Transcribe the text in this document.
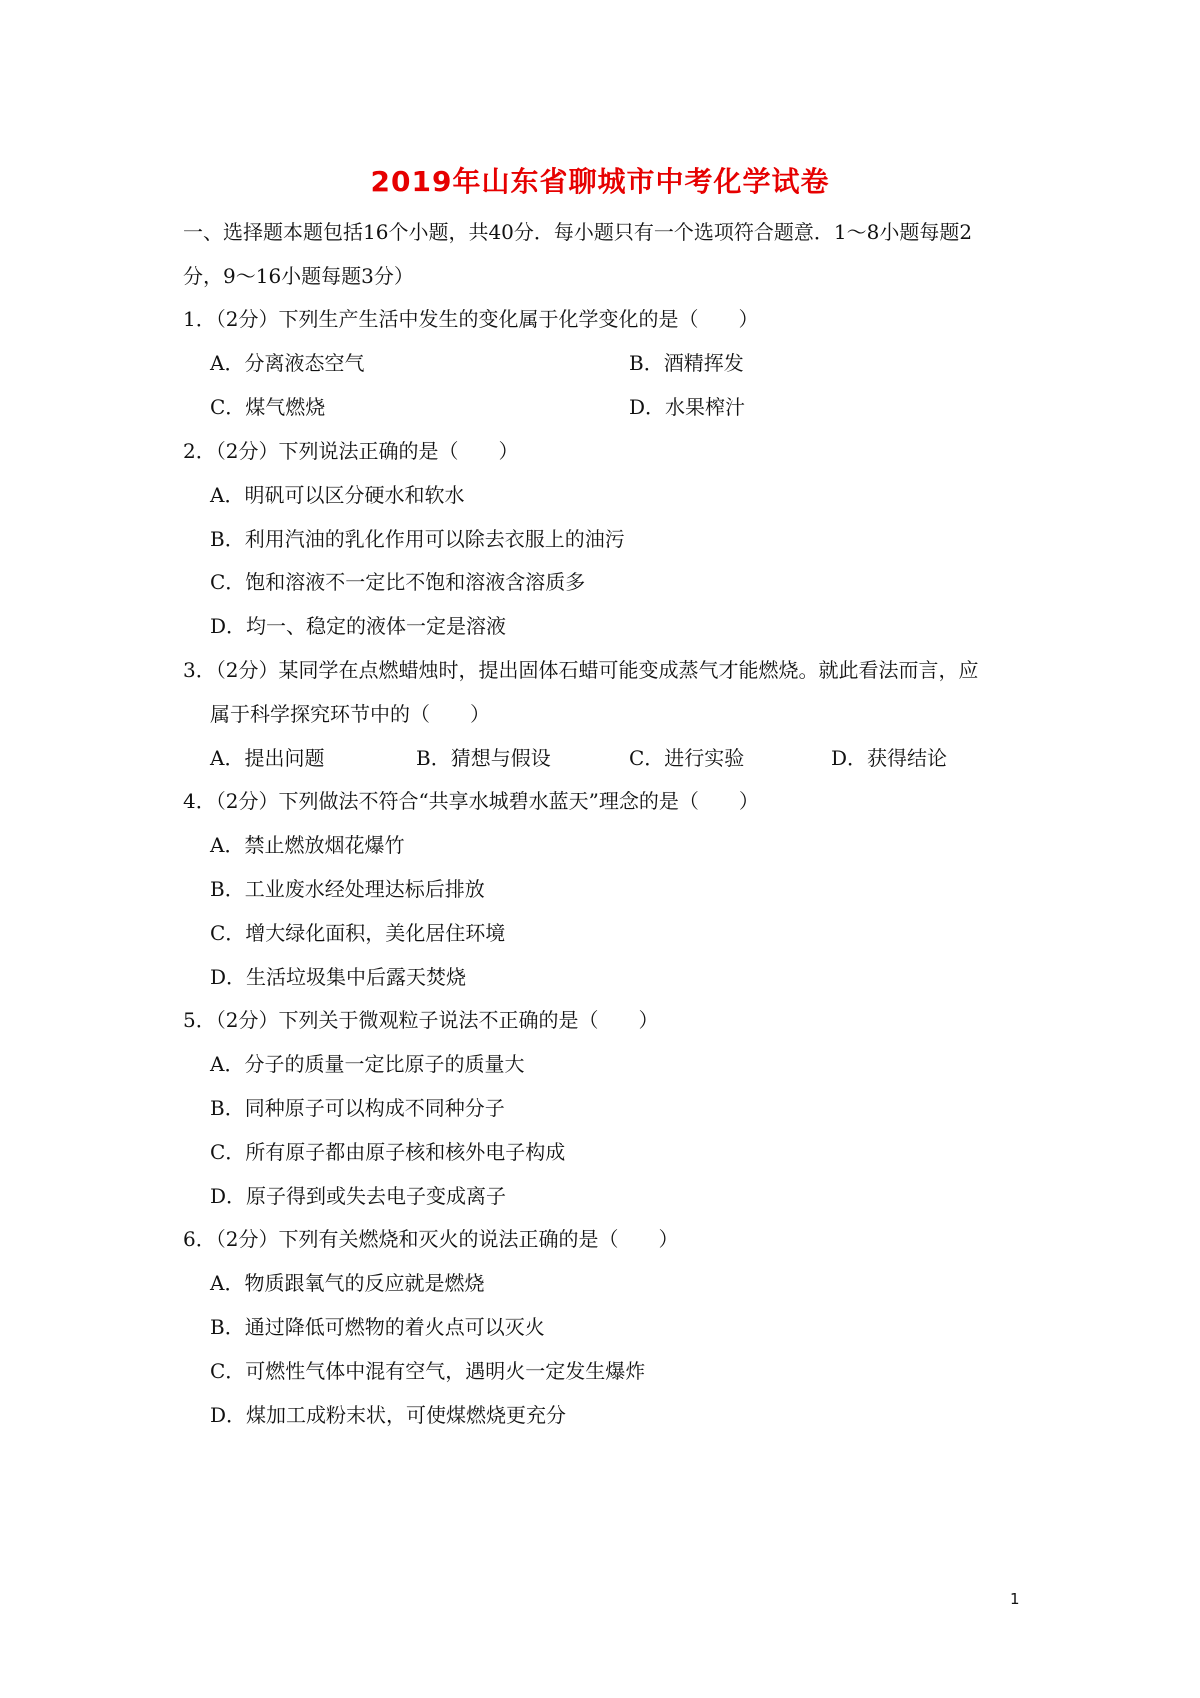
2019年山东省聊城市中考化学试卷
一、选择题本题包括16个小题，共40分．每小题只有一个选项符合题意．1～8小题每题2
分，9～16小题每题3分）
1．（2分）下列生产生活中发生的变化属于化学变化的是（　　）
A．分离液态空气	B．酒精挥发
C．煤气燃烧	D．水果榨汁
2．（2分）下列说法正确的是（　　）
A．明矾可以区分硬水和软水
B．利用汽油的乳化作用可以除去衣服上的油污
C．饱和溶液不一定比不饱和溶液含溶质多
D．均一、稳定的液体一定是溶液
3．（2分）某同学在点燃蜡烛时，提出固体石蜡可能变成蒸气才能燃烧。就此看法而言，应
属于科学探究环节中的（　　）
A．提出问题	B．猜想与假设	C．进行实验	D．获得结论
4．（2分）下列做法不符合“共享水城碧水蓝天”理念的是（　　）
A．禁止燃放烟花爆竹
B．工业废水经处理达标后排放
C．增大绿化面积，美化居住环境
D．生活垃圾集中后露天焚烧
5．（2分）下列关于微观粒子说法不正确的是（　　）
A．分子的质量一定比原子的质量大
B．同种原子可以构成不同种分子
C．所有原子都由原子核和核外电子构成
D．原子得到或失去电子变成离子
6．（2分）下列有关燃烧和灭火的说法正确的是（　　）
A．物质跟氧气的反应就是燃烧
B．通过降低可燃物的着火点可以灭火
C．可燃性气体中混有空气，遇明火一定发生爆炸
D．煤加工成粉末状，可使煤燃烧更充分
1
